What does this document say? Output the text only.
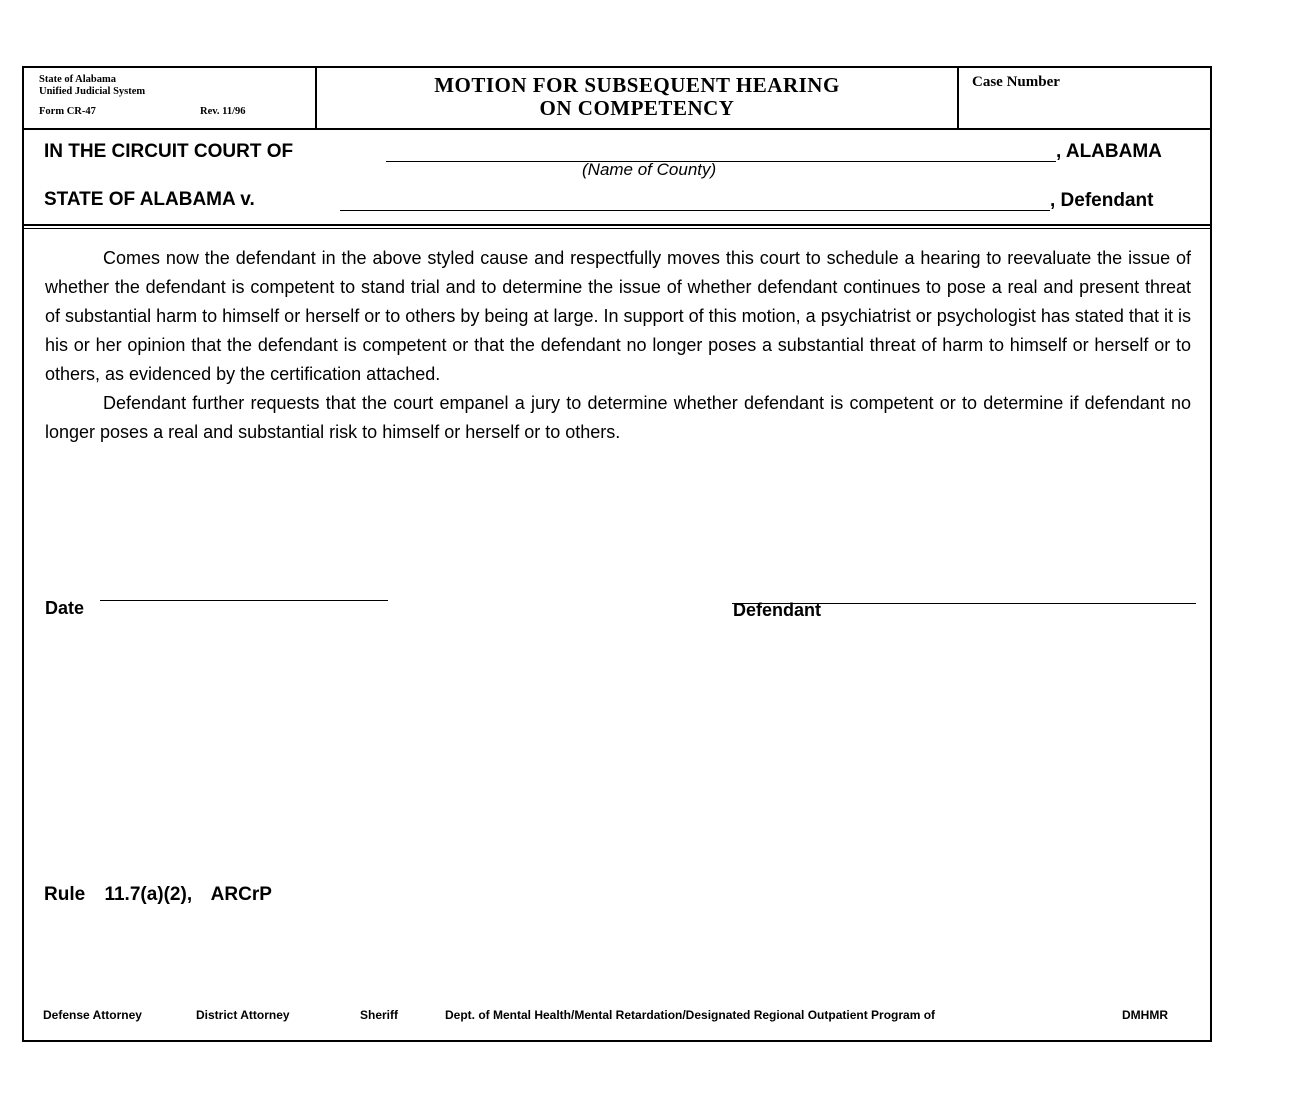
State of Alabama
Unified Judicial System
Form CR-47	Rev. 11/96
MOTION FOR SUBSEQUENT HEARING
ON COMPETENCY
Case Number
IN THE CIRCUIT COURT OF	, ALABAMA
(Name of County)
STATE OF ALABAMA v.	, Defendant

Comes now the defendant in the above styled cause and respectfully moves this court to schedule a hearing to reevaluate the issue of whether the defendant is competent to stand trial and to determine the issue of whether defendant continues to pose a real and present threat of substantial harm to himself or herself or to others by being at large. In support of this motion, a psychiatrist or psychologist has stated that it is his or her opinion that the defendant is competent or that the defendant no longer poses a substantial threat of harm to himself or herself or to others, as evidenced by the certification attached.

Defendant further requests that the court empanel a jury to determine whether defendant is competent or to determine if defendant no longer poses a real and substantial risk to himself or herself or to others.

Date	Defendant
Rule 11.7(a)(2), ARCrP
Defense Attorney	District Attorney	Sheriff	Dept. of Mental Health/Mental Retardation/Designated Regional Outpatient Program of	DMHMR
